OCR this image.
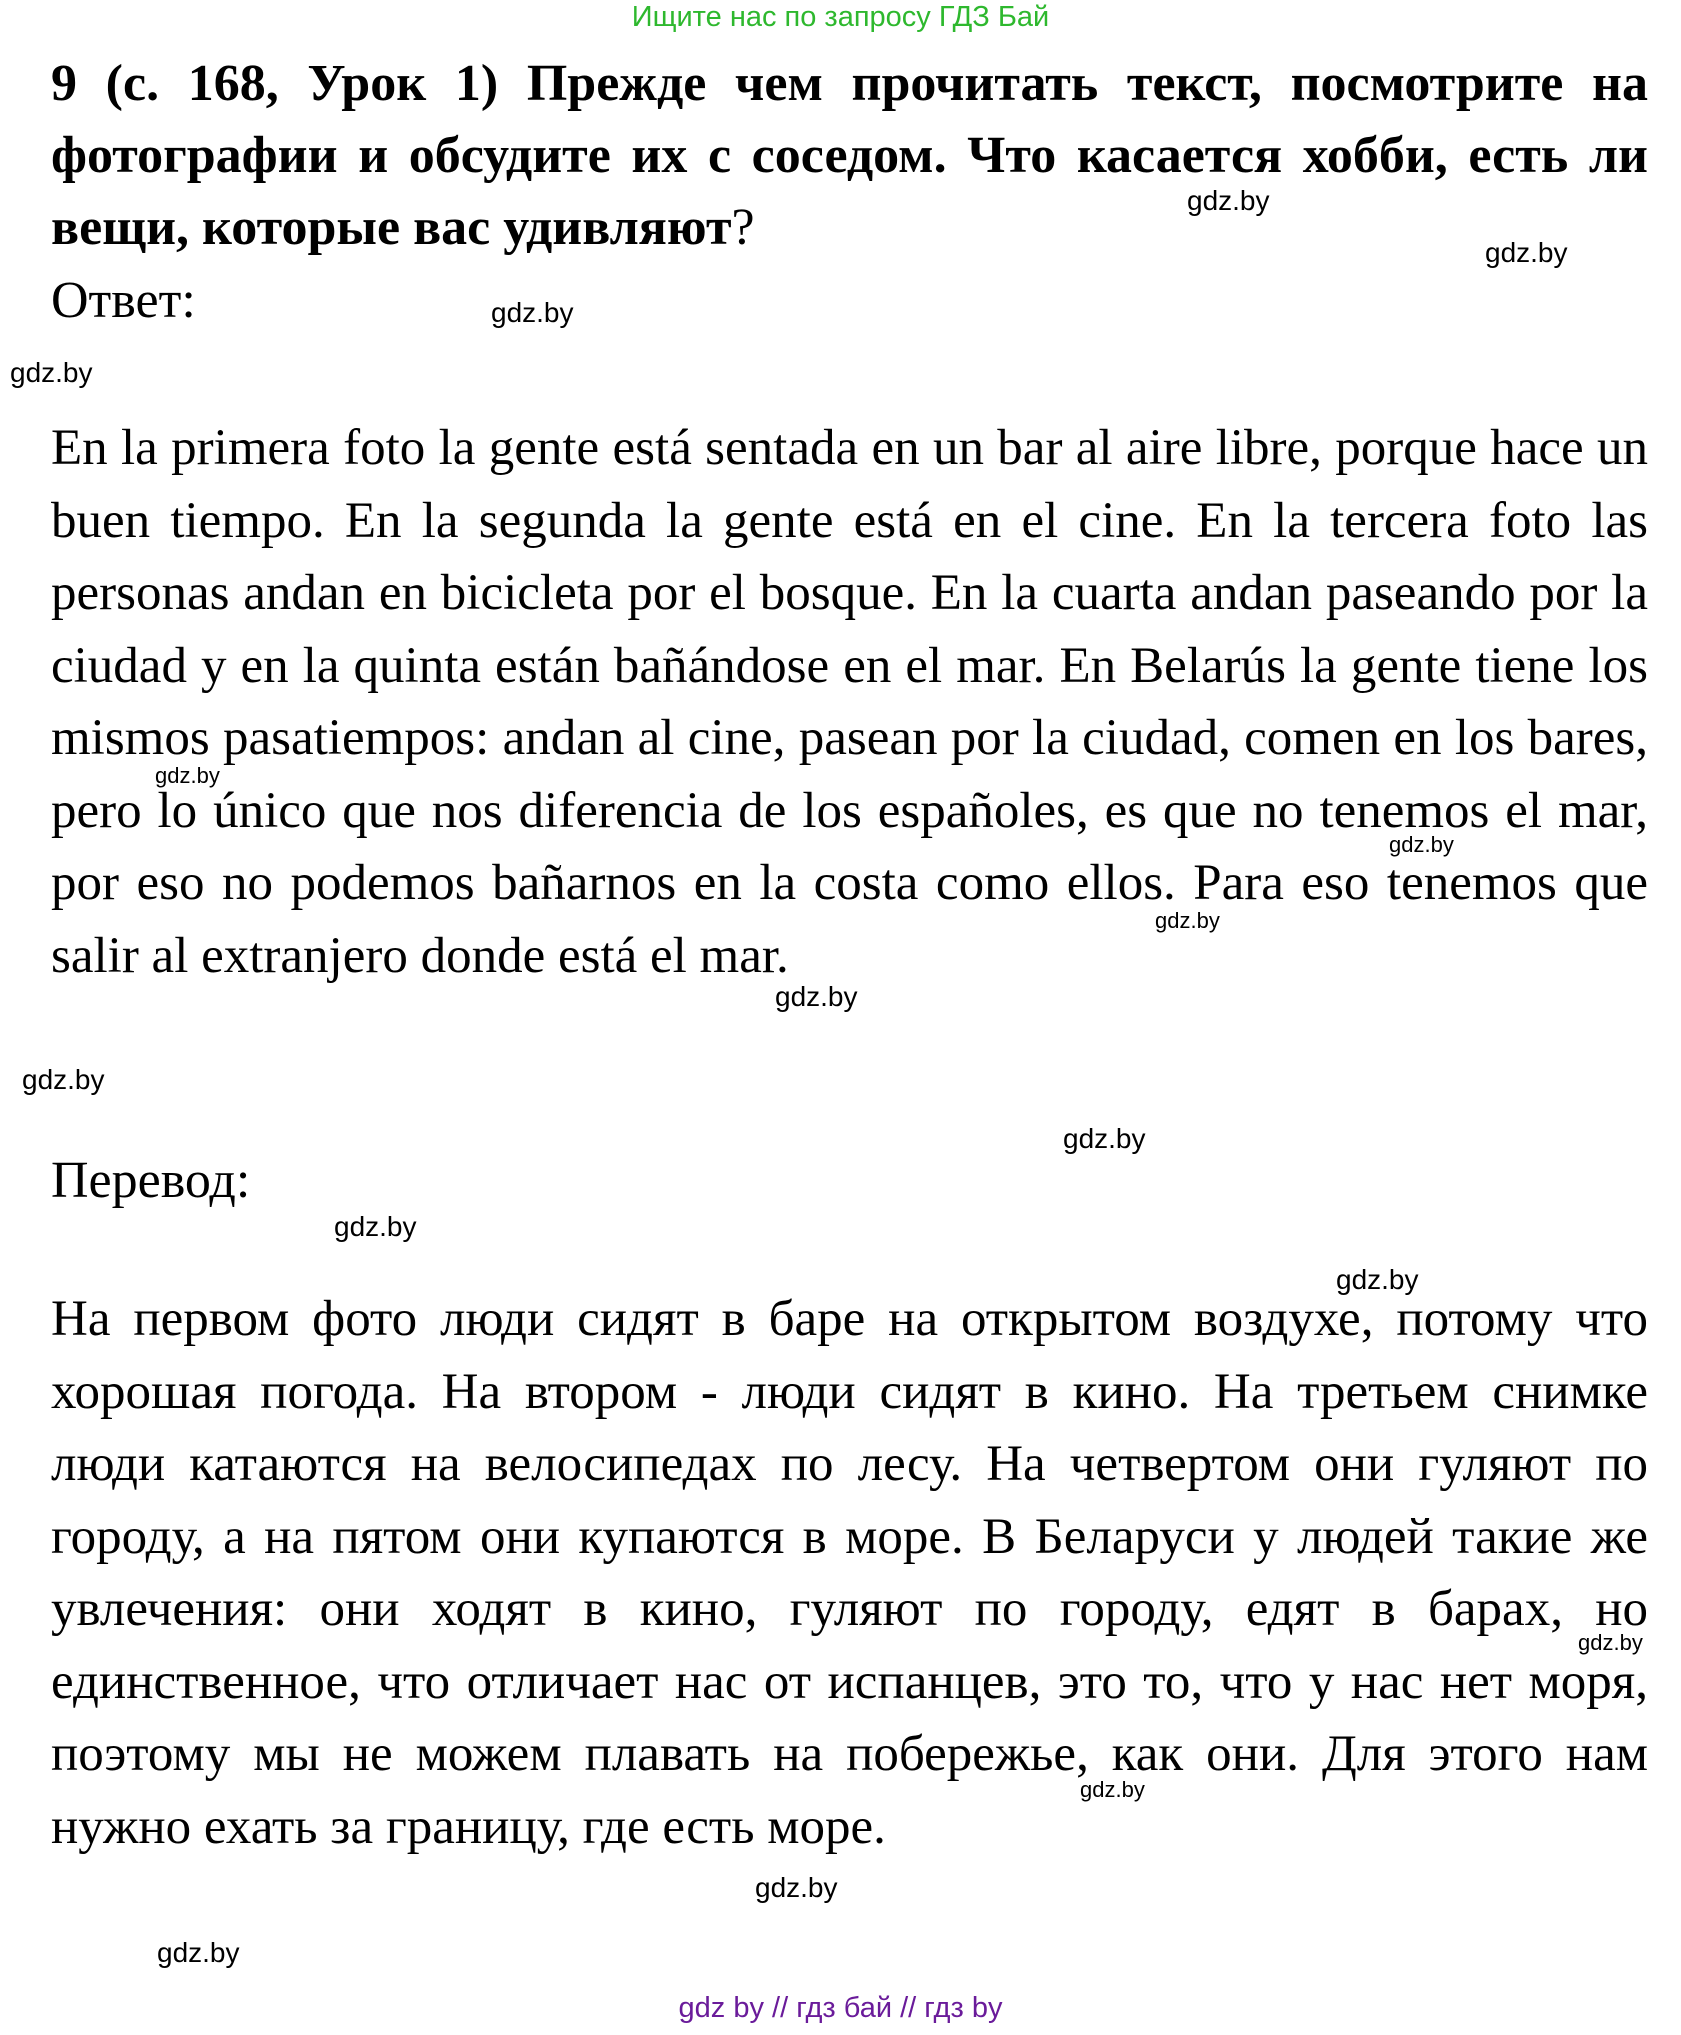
Ищите нас по запросу ГДЗ Бай

9 (с. 168, Урок 1) Прежде чем прочитать текст, посмотрите на фотографии и обсудите их с соседом. Что касается хобби, есть ли вещи, которые вас удивляют?

Ответ:

En la primera foto la gente está sentada en un bar al aire libre, porque hace un buen tiempo. En la segunda la gente está en el cine. En la tercera foto las personas andan en bicicleta por el bosque. En la cuarta andan paseando por la ciudad y en la quinta están bañándose en el mar. En Belarús la gente tiene los mismos pasatiempos: andan al cine, pasean por la ciudad, comen en los bares, pero lo único que nos diferencia de los españoles, es que no tenemos el mar, por eso no podemos bañarnos en la costa como ellos. Para eso tenemos que salir al extranjero donde está el mar.

Перевод:

На первом фото люди сидят в баре на открытом воздухе, потому что хорошая погода. На втором - люди сидят в кино. На третьем снимке люди катаются на велосипедах по лесу. На четвертом они гуляют по городу, а на пятом они купаются в море. В Беларуси у людей такие же увлечения: они ходят в кино, гуляют по городу, едят в барах, но единственное, что отличает нас от испанцев, это то, что у нас нет моря, поэтому мы не можем плавать на побережье, как они. Для этого нам нужно ехать за границу, где есть море.

gdz.by
gdz.by
gdz.by
gdz.by
gdz.by
gdz.by
gdz.by
gdz.by
gdz.by
gdz.by
gdz.by
gdz.by
gdz.by
gdz.by
gdz.by
gdz.by
gdz by // гдз бай // гдз by
